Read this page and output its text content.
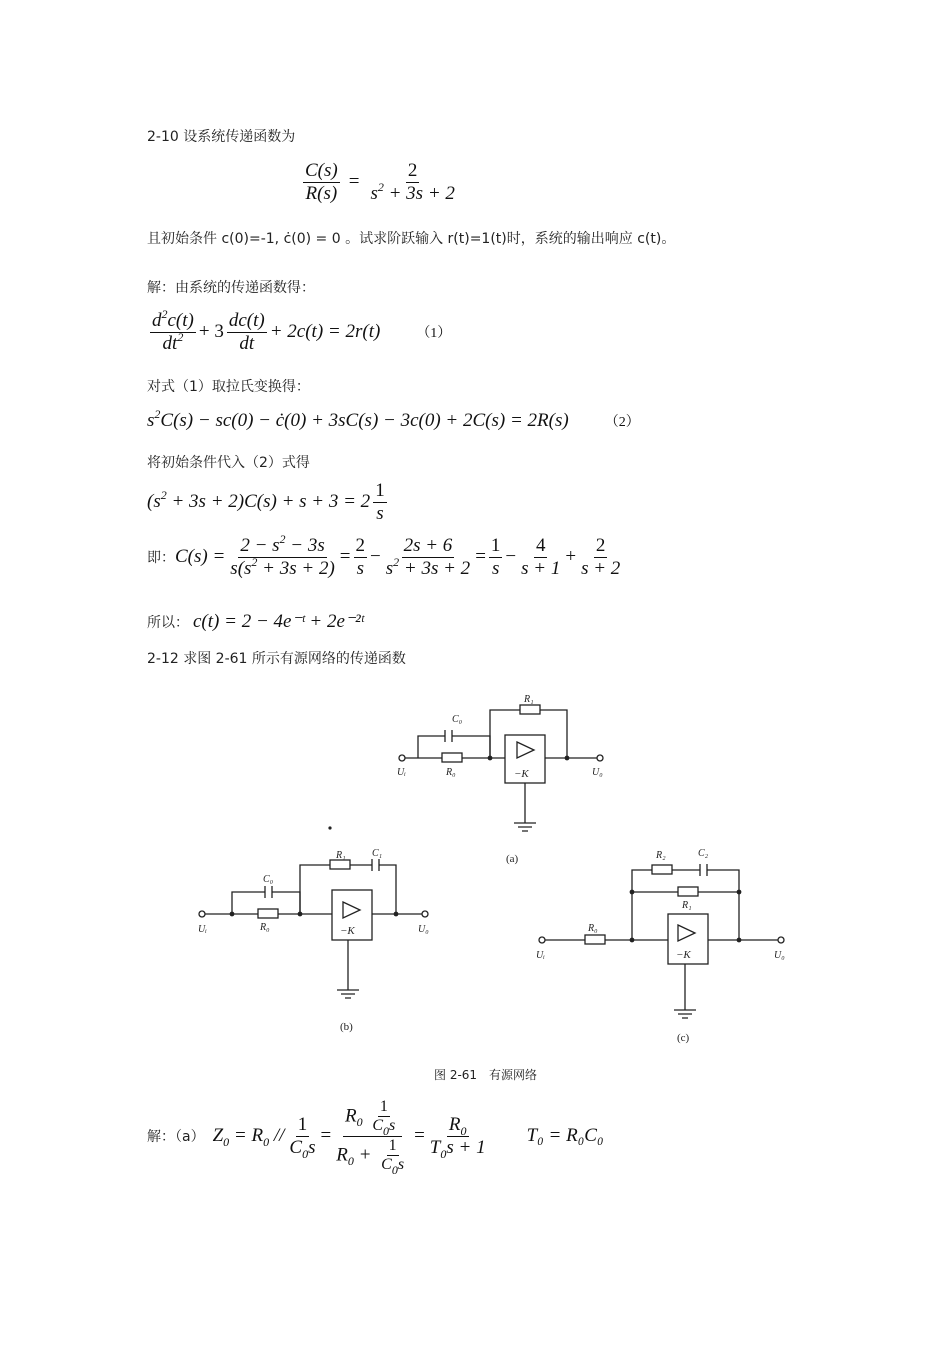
2-10 设系统传递函数为
$\frac{C(s)}{R(s)} = \frac{2}{s^2 + 3s + 2}$
且初始条件 c(0)=-1, ċ(0) = 0 。试求阶跃输入 r(t)=1(t)时，系统的输出响应 c(t)。
解：由系统的传递函数得：
$\frac{d^2c(t)}{dt^2} + 3 \frac{dc(t)}{dt} + 2c(t) = 2r(t)$	（1）
对式（1）取拉氏变换得：
$s^2C(s) - sc(0)$ − ċ(0) + 3sC(s) − 3c(0) + 2C(s) = 2R(s)	（2）
将初始条件代入（2）式得
$(s^2 + 3s + 2)C(s) + s + 3 = 2 \frac{1}{s}$
即： $C(s) = \frac{2 - s^2 - 3s}{s(s^2 + 3s + 2)} = \frac{2}{s} - \frac{2s + 6}{s^2 + 3s + 2} = \frac{1}{s} - \frac{4}{s + 1} + \frac{2}{s + 2}$
所以： c(t) = 2 − 4e⁻ᵗ + 2e⁻²ᵗ
2-12 求图 2-61 所示有源网络的传递函数
C₀
R₁
R₀
Uᵢ	U₀
−K
R₁	C₁
C₀
R₀
Uᵢ	U₀
−K
R₂	C₂
R₁
R₀
Uᵢ	U₀
−K
(a)
(b)
(c)
图 2-61　有源网络
解：（a） $Z_0 = R_0 // \frac{1}{C_0s} = \frac{R_0 \frac{1}{C_0s}}{R_0 + \frac{1}{C_0s}} = \frac{R_0}{T_0s + 1} T_0 = R_0C_0$
